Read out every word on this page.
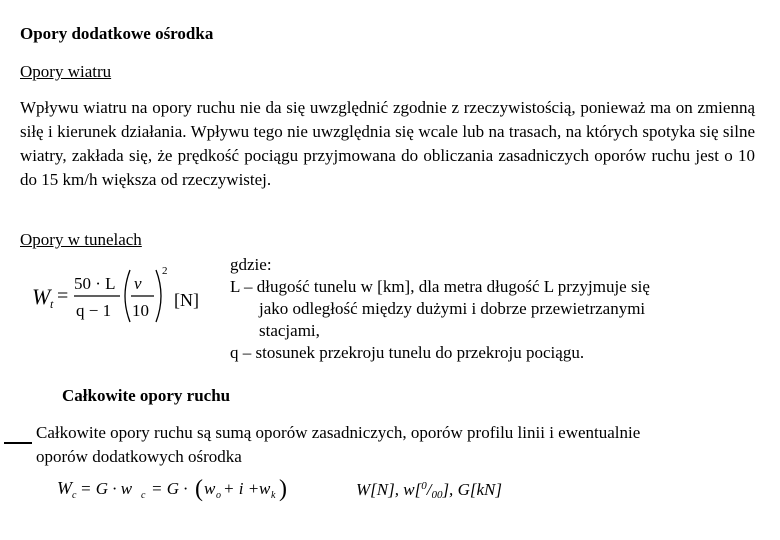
Opory dodatkowe ośrodka
Opory wiatru
Wpływu wiatru na opory ruchu nie da się uwzględnić zgodnie z rzeczywistością, ponieważ ma on zmienną siłę i kierunek działania. Wpływu tego nie uwzględnia się wcale lub na trasach, na których spotyka się silne wiatry, zakłada się, że prędkość pociągu przyjmowana do obliczania zasadniczych oporów ruchu jest o 10 do 15 km/h większa od rzeczywistej.
Opory w tunelach
W t =
50 · L
q − 1
v
10
2
[N]
gdzie:
L – długość tunelu w [km], dla metra długość L przyjmuje się
jako odległość między dużymi i dobrze przewietrzanymi
stacjami,
q – stosunek przekroju tunelu do przekroju pociągu.
Całkowite opory ruchu
Całkowite opory ruchu są sumą oporów zasadniczych, oporów profilu linii i ewentualnie oporów dodatkowych ośrodka
W c = G · w c = G · ( w o + i + w k )	W[N], $w[^0/_{00}]$, G[kN]
